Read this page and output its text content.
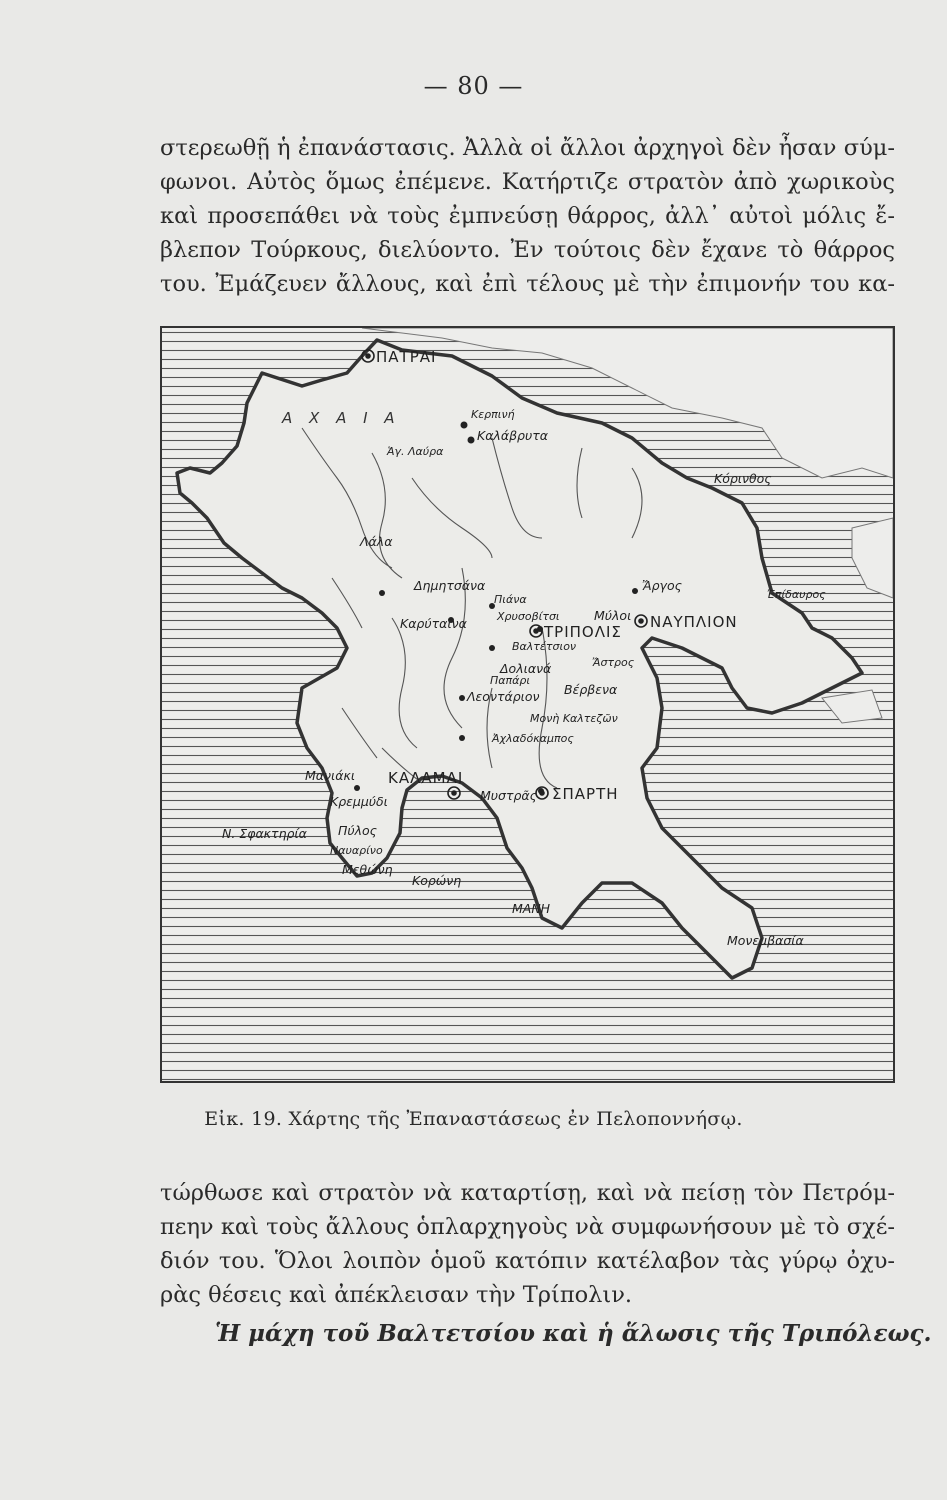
— 80 —

στερεωθῇ ἡ ἐπανάστασις. Ἀλλὰ οἱ ἄλλοι ἀρχηγοὶ δὲν ἦσαν σύμ-
φωνοι. Αὐτὸς ὅμως ἐπέμενε. Κατήρτιζε στρατὸν ἀπὸ χωρικοὺς
καὶ προσεπάθει νὰ τοὺς ἐμπνεύσῃ θάρρος, ἀλλ᾿ αὐτοὶ μόλις ἔ-
βλεπον Τούρκους, διελύοντο. Ἐν τούτοις δὲν ἔχανε τὸ θάρρος
του. Ἐμάζευεν ἄλλους, καὶ ἐπὶ τέλους μὲ τὴν ἐπιμονήν του κα-

ΠΑΤΡΑΙ
Α Χ Α Ι Α	Κερπινή
Καλάβρυτα
Ἁγ. Λαύρα
Κόρινθος
Λάλα
Δημητσάνα
Πιάνα
Χρυσοβίτσι	Μύλοι
Ἄργος
Ἐπίδαυρος
Καρύταινα	ΤΡΙΠΟΛΙΣ
ΝΑΥΠΛΙΟΝ
Βαλτέτσιον
Δολιανά	Ἄστρος
Παπάρι
Βέρβενα
Λεοντάριον
Μονὴ Καλτεζῶν
Ἀχλαδόκαμπος
Μανιάκι ΚΑΛΑΜΑΙ
Κρεμμύδι	Μυστρᾶς ΣΠΑΡΤΗ
Ν. Σφακτηρία Πύλος
Ναυαρίνο
Μεθώνη
Κορώνη
ΜΑΝΗ
Μονεμβασία
Εἰκ. 19. Χάρτης τῆς Ἐπαναστάσεως ἐν Πελοποννήσῳ.

τώρθωσε καὶ στρατὸν νὰ καταρτίσῃ, καὶ νὰ πείσῃ τὸν Πετρόμ-
πεην καὶ τοὺς ἄλλους ὁπλαρχηγοὺς νὰ συμφωνήσουν μὲ τὸ σχέ-
διόν του. Ὅλοι λοιπὸν ὁμοῦ κατόπιν κατέλαβον τὰς γύρῳ ὀχυ-
ρὰς θέσεις καὶ ἀπέκλεισαν τὴν Τρίπολιν.

Ἡ μάχη τοῦ Βαλτετσίου καὶ ἡ ἅλωσις τῆς Τριπόλεως.
